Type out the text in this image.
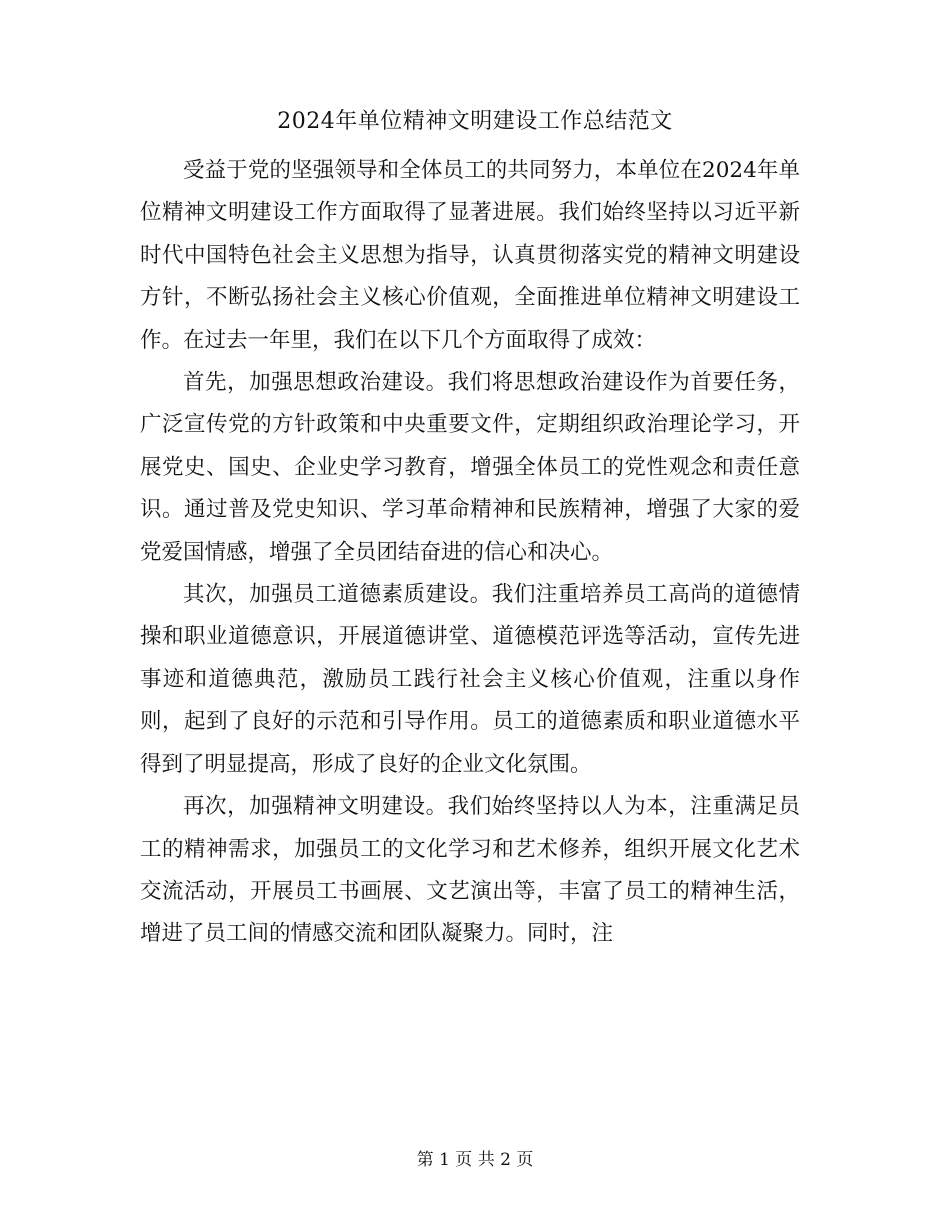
2024年单位精神文明建设工作总结范文

受益于党的坚强领导和全体员工的共同努力，本单位在2024年单位精神文明建设工作方面取得了显著进展。我们始终坚持以习近平新时代中国特色社会主义思想为指导，认真贯彻落实党的精神文明建设方针，不断弘扬社会主义核心价值观，全面推进单位精神文明建设工作。在过去一年里，我们在以下几个方面取得了成效：

首先，加强思想政治建设。我们将思想政治建设作为首要任务，广泛宣传党的方针政策和中央重要文件，定期组织政治理论学习，开展党史、国史、企业史学习教育，增强全体员工的党性观念和责任意识。通过普及党史知识、学习革命精神和民族精神，增强了大家的爱党爱国情感，增强了全员团结奋进的信心和决心。

其次，加强员工道德素质建设。我们注重培养员工高尚的道德情操和职业道德意识，开展道德讲堂、道德模范评选等活动，宣传先进事迹和道德典范，激励员工践行社会主义核心价值观，注重以身作则，起到了良好的示范和引导作用。员工的道德素质和职业道德水平得到了明显提高，形成了良好的企业文化氛围。

再次，加强精神文明建设。我们始终坚持以人为本，注重满足员工的精神需求，加强员工的文化学习和艺术修养，组织开展文化艺术交流活动，开展员工书画展、文艺演出等，丰富了员工的精神生活，增进了员工间的情感交流和团队凝聚力。同时，注

第 1 页 共 2 页
